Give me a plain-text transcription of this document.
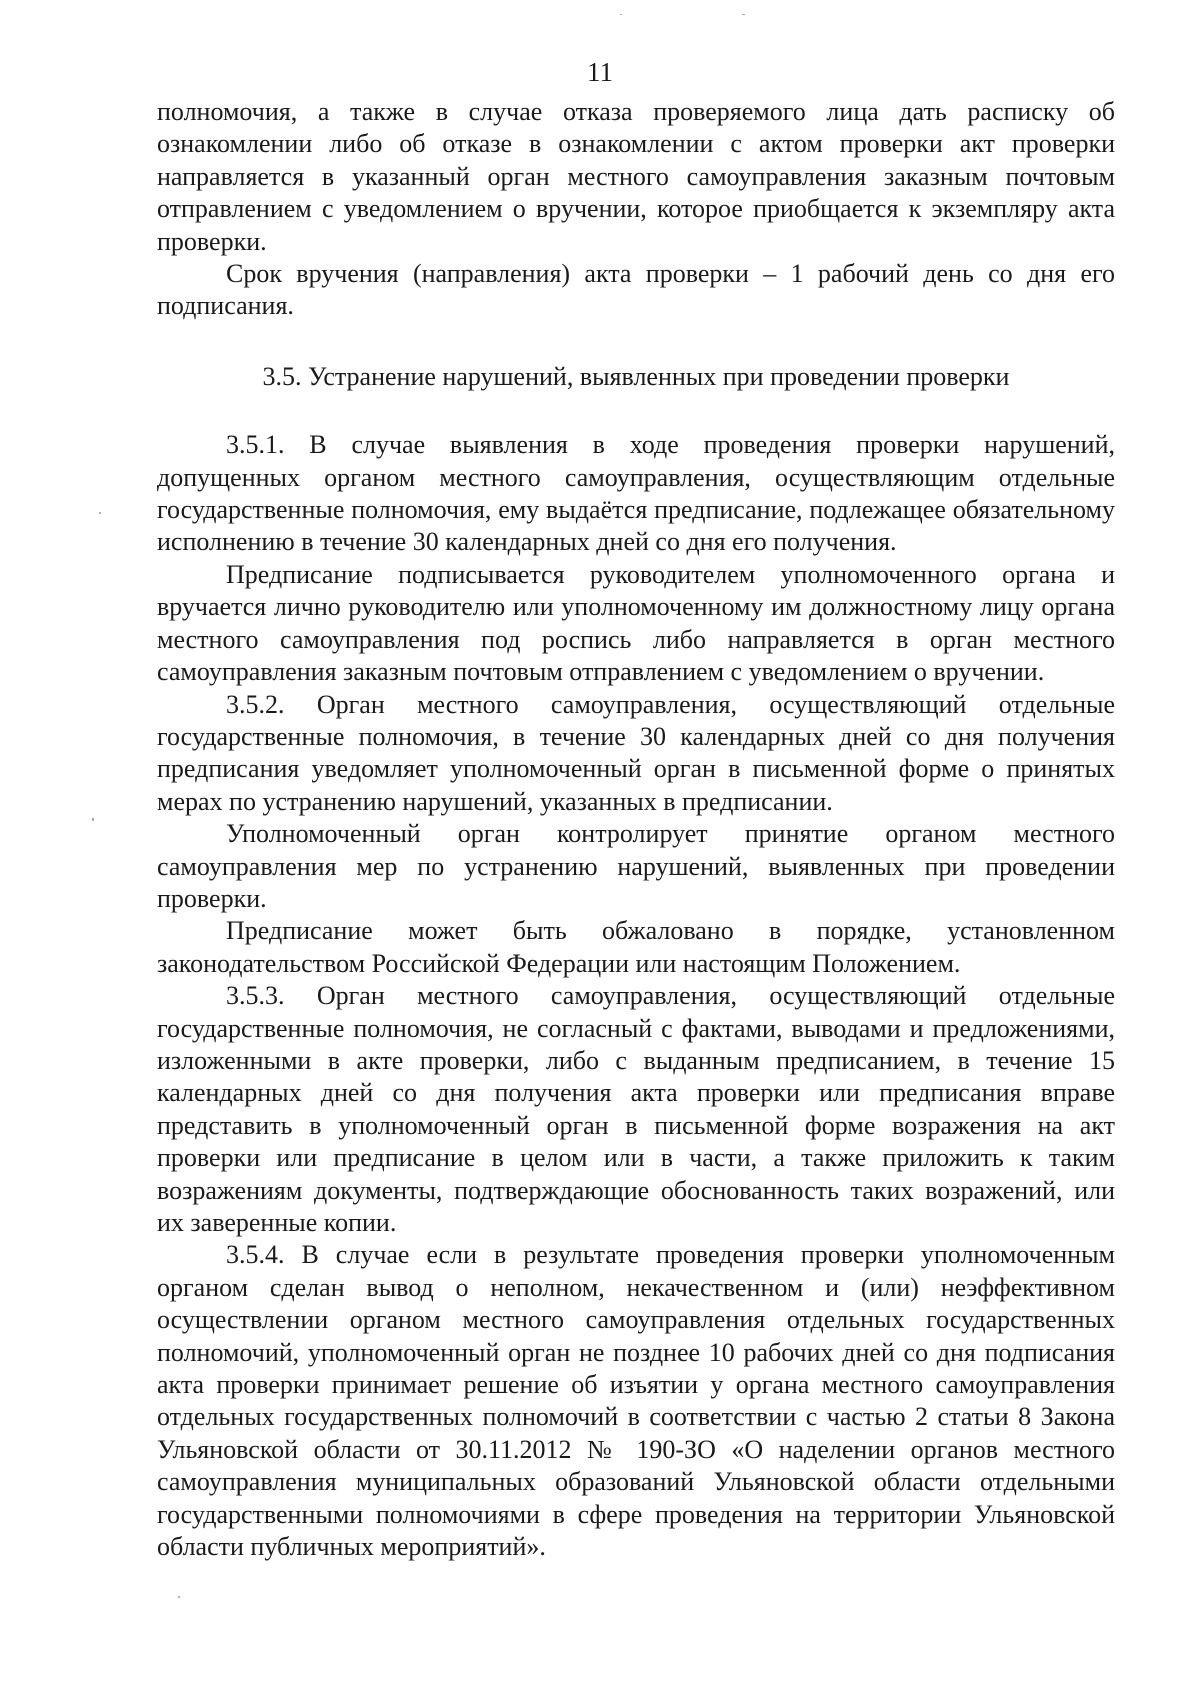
11

полномочия, а также в случае отказа проверяемого лица дать расписку об ознакомлении либо об отказе в ознакомлении с актом проверки акт проверки направляется в указанный орган местного самоуправления заказным почтовым отправлением с уведомлением о вручении, которое приобщается к экземпляру акта проверки.

Срок вручения (направления) акта проверки – 1 рабочий день со дня его подписания.

3.5. Устранение нарушений, выявленных при проведении проверки

3.5.1. В случае выявления в ходе проведения проверки нарушений, допущенных органом местного самоуправления, осуществляющим отдельные государственные полномочия, ему выдаётся предписание, подлежащее обязательному исполнению в течение 30 календарных дней со дня его получения.

Предписание подписывается руководителем уполномоченного органа и вручается лично руководителю или уполномоченному им должностному лицу органа местного самоуправления под роспись либо направляется в орган местного самоуправления заказным почтовым отправлением с уведомлением о вручении.

3.5.2. Орган местного самоуправления, осуществляющий отдельные государственные полномочия, в течение 30 календарных дней со дня получения предписания уведомляет уполномоченный орган в письменной форме о принятых мерах по устранению нарушений, указанных в предписании.

Уполномоченный орган контролирует принятие органом местного самоуправления мер по устранению нарушений, выявленных при проведении проверки.

Предписание может быть обжаловано в порядке, установленном законодательством Российской Федерации или настоящим Положением.

3.5.3. Орган местного самоуправления, осуществляющий отдельные государственные полномочия, не согласный с фактами, выводами и предложениями, изложенными в акте проверки, либо с выданным предписанием, в течение 15 календарных дней со дня получения акта проверки или предписания вправе представить в уполномоченный орган в письменной форме возражения на акт проверки или предписание в целом или в части, а также приложить к таким возражениям документы, подтверждающие обоснованность таких возражений, или их заверенные копии.

3.5.4. В случае если в результате проведения проверки уполномоченным органом сделан вывод о неполном, некачественном и (или) неэффективном осуществлении органом местного самоуправления отдельных государственных полномочий, уполномоченный орган не позднее 10 рабочих дней со дня подписания акта проверки принимает решение об изъятии у органа местного самоуправления отдельных государственных полномочий в соответствии с частью 2 статьи 8 Закона Ульяновской области от 30.11.2012 № 190-ЗО «О наделении органов местного самоуправления муниципальных образований Ульяновской области отдельными государственными полномочиями в сфере проведения на территории Ульяновской области публичных мероприятий».
